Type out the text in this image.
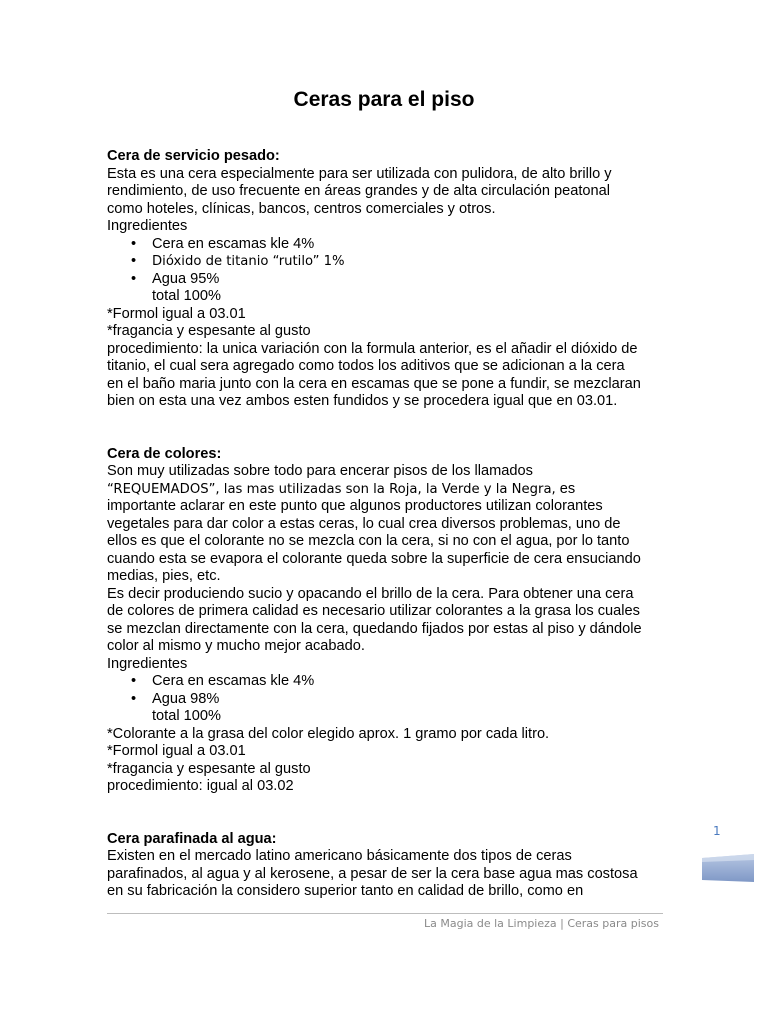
Ceras para el piso
Cera de servicio pesado:
Esta es una cera especialmente para ser utilizada con pulidora, de alto brillo y
rendimiento, de uso frecuente en áreas grandes y de alta circulación peatonal
como hoteles, clínicas, bancos, centros comerciales y otros.
Ingredientes
•	Cera en escamas kle 4%
•	Dióxido de titanio “rutilo” 1%
•	Agua 95%
total 100%
*Formol igual a 03.01
*fragancia y espesante al gusto
procedimiento: la unica variación con la formula anterior, es el añadir el dióxido de
titanio, el cual sera agregado como todos los aditivos que se adicionan a la cera
en el baño maria junto con la cera en escamas que se pone a fundir, se mezclaran
bien on esta una vez ambos esten fundidos y se procedera igual que en 03.01.
Cera de colores:
Son muy utilizadas sobre todo para encerar pisos de los llamados
“REQUEMADOS”, las mas utilizadas son la Roja, la Verde y la Negra, es
importante aclarar en este punto que algunos productores utilizan colorantes
vegetales para dar color a estas ceras, lo cual crea diversos problemas, uno de
ellos es que el colorante no se mezcla con la cera, si no con el agua, por lo tanto
cuando esta se evapora el colorante queda sobre la superficie de cera ensuciando
medias, pies, etc.
Es decir produciendo sucio y opacando el brillo de la cera. Para obtener una cera
de colores de primera calidad es necesario utilizar colorantes a la grasa los cuales
se mezclan directamente con la cera, quedando fijados por estas al piso y dándole
color al mismo y mucho mejor acabado.
Ingredientes
•	Cera en escamas kle 4%
•	Agua 98%
total 100%
*Colorante a la grasa del color elegido aprox. 1 gramo por cada litro.
*Formol igual a 03.01
*fragancia y espesante al gusto
procedimiento: igual al 03.02
Cera parafinada al agua:
Existen en el mercado latino americano básicamente dos tipos de ceras
parafinados, al agua y al kerosene, a pesar de ser la cera base agua mas costosa
en su fabricación la considero superior tanto en calidad de brillo, como en
1
La Magia de la Limpieza | Ceras para pisos
